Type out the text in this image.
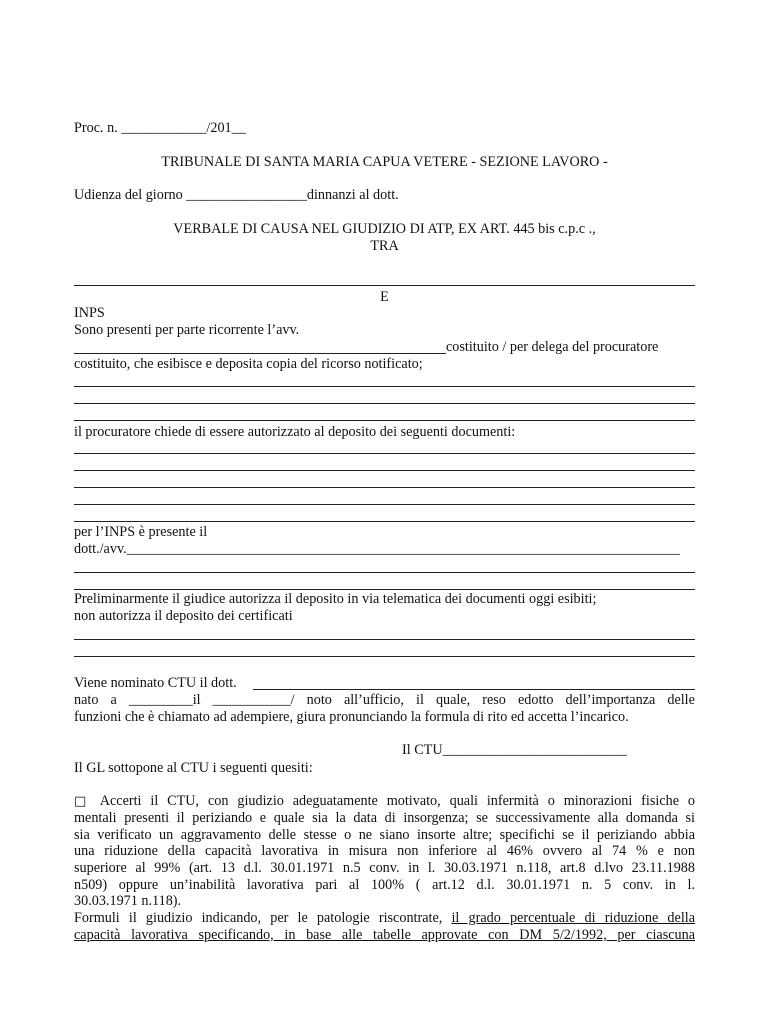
Proc. n. ____________/201__
TRIBUNALE DI SANTA MARIA CAPUA VETERE - SEZIONE LAVORO -
Udienza del giorno _________________dinnanzi al dott.
VERBALE DI CAUSA NEL GIUDIZIO DI ATP, EX ART. 445 bis c.p.c .,
TRA
E
INPS
Sono presenti per parte ricorrente l’avv.
costituito / per delega del procuratore
costituito, che esibisce e deposita copia del ricorso notificato;
il procuratore chiede di essere autorizzato al deposito dei seguenti documenti:
per l’INPS è presente il
dott./avv.______________________________________________________________________________
Preliminarmente il giudice autorizza il deposito in via telematica dei documenti oggi esibiti;
non autorizza il deposito dei certificati
Viene nominato CTU il dott.
nato a _________il ___________/ noto all’ufficio, il quale, reso edotto dell’importanza delle
funzioni che è chiamato ad adempiere, giura pronunciando la formula di rito ed accetta l’incarico.
Il CTU__________________________
Il GL sottopone al CTU i seguenti quesiti:
□ Accerti il CTU, con giudizio adeguatamente motivato, quali infermità o minorazioni fisiche o
mentali presenti il periziando e quale sia la data di insorgenza; se successivamente alla domanda si
sia verificato un aggravamento delle stesse o ne siano insorte altre; specifichi se il periziando abbia
una riduzione della capacità lavorativa in misura non inferiore al 46% ovvero al 74 % e non
superiore al 99% (art. 13 d.l. 30.01.1971 n.5 conv. in l. 30.03.1971 n.118, art.8 d.lvo 23.11.1988
n509) oppure un’inabilità lavorativa pari al 100% ( art.12 d.l. 30.01.1971 n. 5 conv. in l.
30.03.1971 n.118).
Formuli il giudizio indicando, per le patologie riscontrate, il grado percentuale di riduzione della
capacità lavorativa specificando, in base alle tabelle approvate con DM 5/2/1992, per ciascuna
